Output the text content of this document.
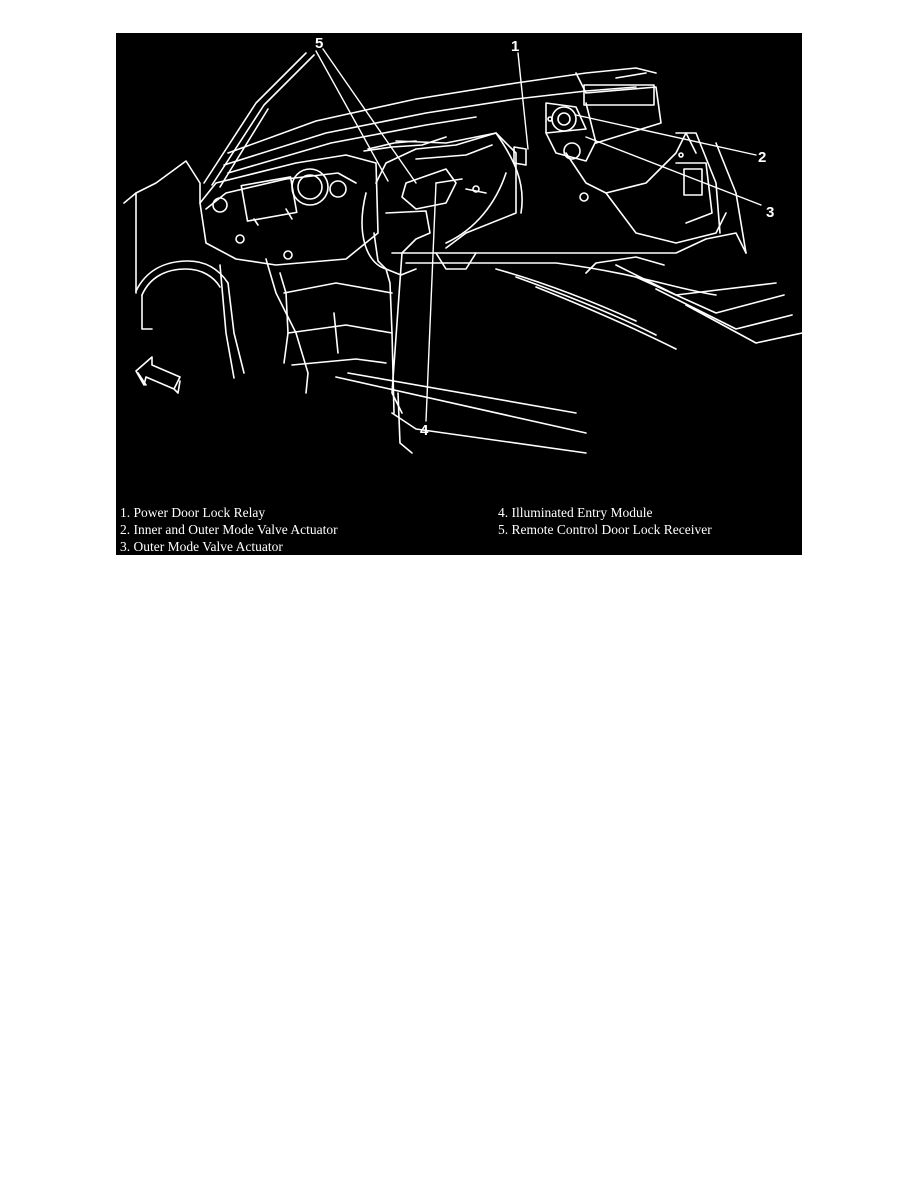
1
2
3
4
5
1. Power Door Lock Relay
2. Inner and Outer Mode Valve Actuator
3. Outer Mode Valve Actuator
4. Illuminated Entry Module
5. Remote Control Door Lock Receiver
